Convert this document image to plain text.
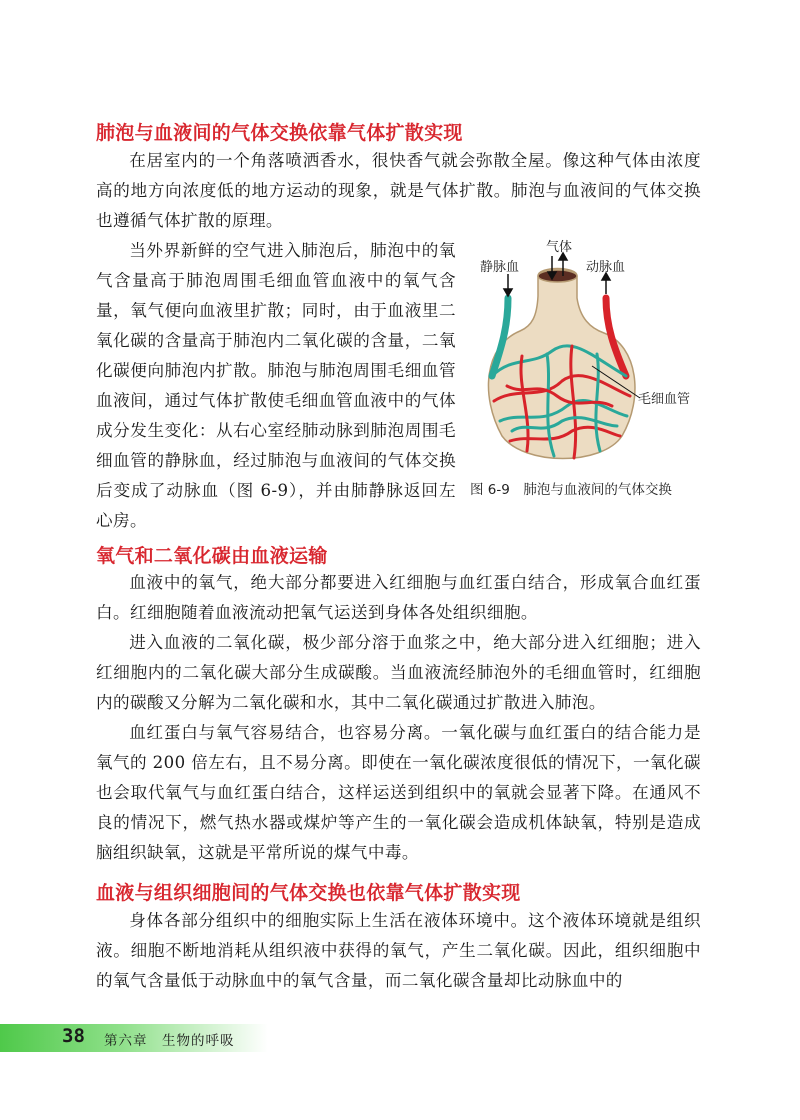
肺泡与血液间的气体交换依靠气体扩散实现

在居室内的一个角落喷洒香水，很快香气就会弥散全屋。像这种气体由浓度高的地方向浓度低的地方运动的现象，就是气体扩散。肺泡与血液间的气体交换也遵循气体扩散的原理。

当外界新鲜的空气进入肺泡后，肺泡中的氧气含量高于肺泡周围毛细血管血液中的氧气含量，氧气便向血液里扩散；同时，由于血液里二氧化碳的含量高于肺泡内二氧化碳的含量，二氧化碳便向肺泡内扩散。肺泡与肺泡周围毛细血管血液间，通过气体扩散使毛细血管血液中的气体成分发生变化：从右心室经肺动脉到肺泡周围毛细血管的静脉血，经过肺泡与血液间的气体交换后变成了动脉血（图 6-9），并由肺静脉返回左心房。

气体
静脉血	动脉血
毛细血管

图 6-9　肺泡与血液间的气体交换

氧气和二氧化碳由血液运输

血液中的氧气，绝大部分都要进入红细胞与血红蛋白结合，形成氧合血红蛋白。红细胞随着血液流动把氧气运送到身体各处组织细胞。

进入血液的二氧化碳，极少部分溶于血浆之中，绝大部分进入红细胞；进入红细胞内的二氧化碳大部分生成碳酸。当血液流经肺泡外的毛细血管时，红细胞内的碳酸又分解为二氧化碳和水，其中二氧化碳通过扩散进入肺泡。

血红蛋白与氧气容易结合，也容易分离。一氧化碳与血红蛋白的结合能力是氧气的 200 倍左右，且不易分离。即使在一氧化碳浓度很低的情况下，一氧化碳也会取代氧气与血红蛋白结合，这样运送到组织中的氧就会显著下降。在通风不良的情况下，燃气热水器或煤炉等产生的一氧化碳会造成机体缺氧，特别是造成脑组织缺氧，这就是平常所说的煤气中毒。

血液与组织细胞间的气体交换也依靠气体扩散实现

身体各部分组织中的细胞实际上生活在液体环境中。这个液体环境就是组织液。细胞不断地消耗从组织液中获得的氧气，产生二氧化碳。因此，组织细胞中的氧气含量低于动脉血中的氧气含量，而二氧化碳含量却比动脉血中的

38 第六章　生物的呼吸
